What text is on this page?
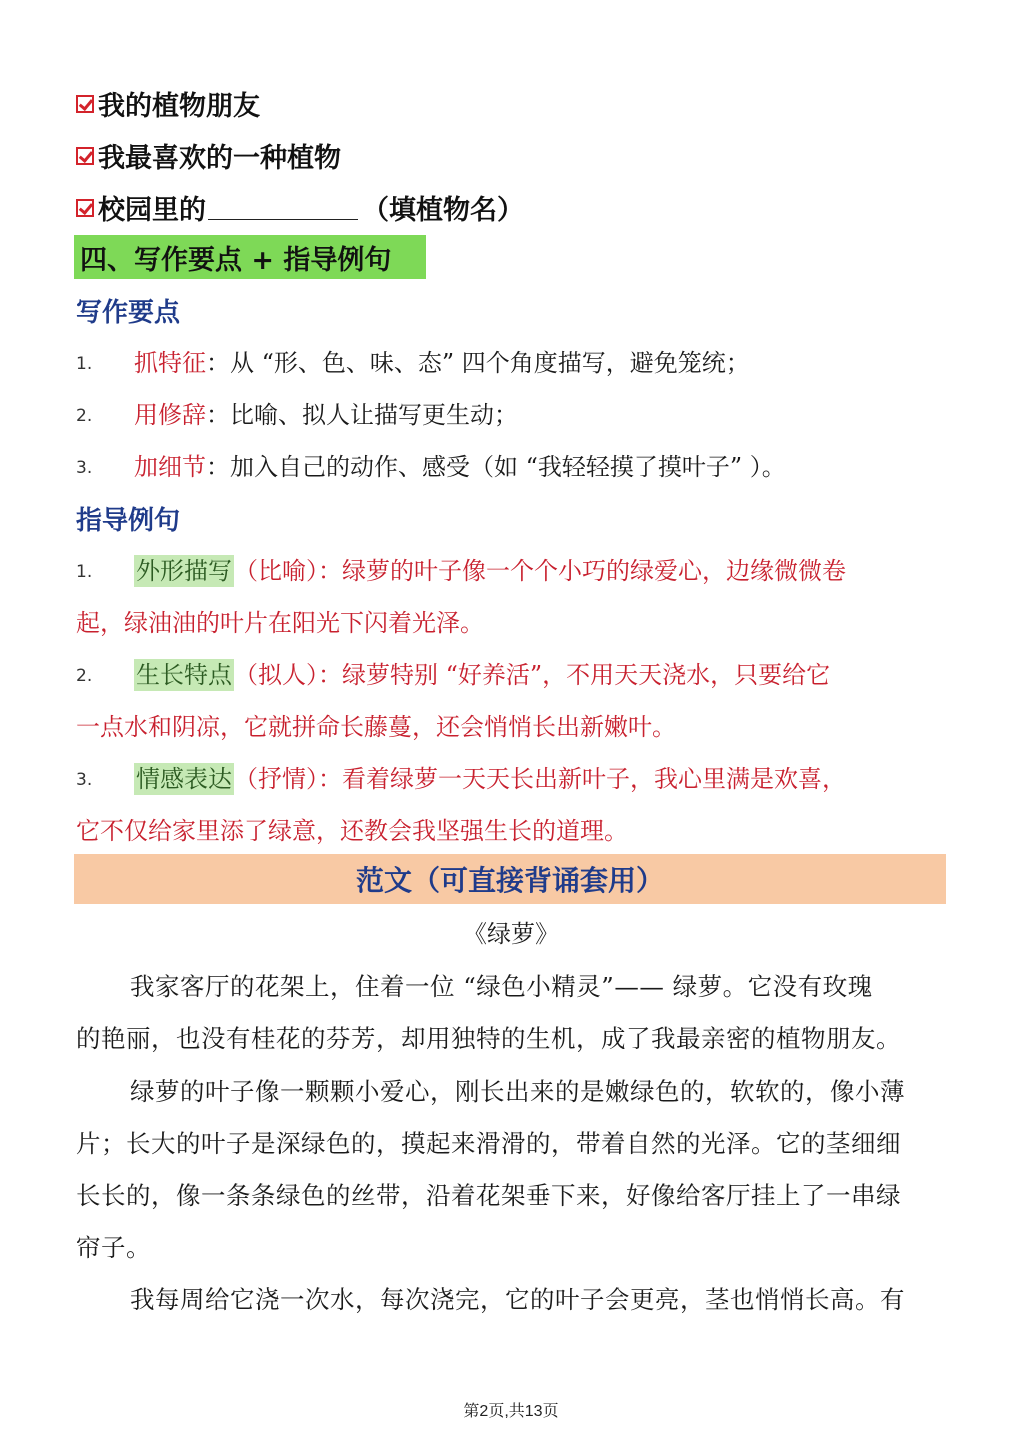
我的植物朋友
我最喜欢的一种植物
校园里的	（填植物名）
四、写作要点 + 指导例句
写作要点
1. 抓特征：从 “形、色、味、态” 四个角度描写，避免笼统；
2. 用修辞：比喻、拟人让描写更生动；
3. 加细节：加入自己的动作、感受（如 “我轻轻摸了摸叶子” ）。
指导例句
1. 外形描写（比喻）：绿萝的叶子像一个个小巧的绿爱心，边缘微微卷
起，绿油油的叶片在阳光下闪着光泽。
2. 生长特点（拟人）：绿萝特别 “好养活”，不用天天浇水，只要给它
一点水和阴凉，它就拼命长藤蔓，还会悄悄长出新嫩叶。
3. 情感表达（抒情）：看着绿萝一天天长出新叶子，我心里满是欢喜，
它不仅给家里添了绿意，还教会我坚强生长的道理。
范文（可直接背诵套用）
《绿萝》
我家客厅的花架上，住着一位 “绿色小精灵”—— 绿萝。它没有玫瑰
的艳丽，也没有桂花的芬芳，却用独特的生机，成了我最亲密的植物朋友。
绿萝的叶子像一颗颗小爱心，刚长出来的是嫩绿色的，软软的，像小薄
片；长大的叶子是深绿色的，摸起来滑滑的，带着自然的光泽。它的茎细细
长长的，像一条条绿色的丝带，沿着花架垂下来，好像给客厅挂上了一串绿
帘子。
我每周给它浇一次水，每次浇完，它的叶子会更亮，茎也悄悄长高。有
第2页,共13页
